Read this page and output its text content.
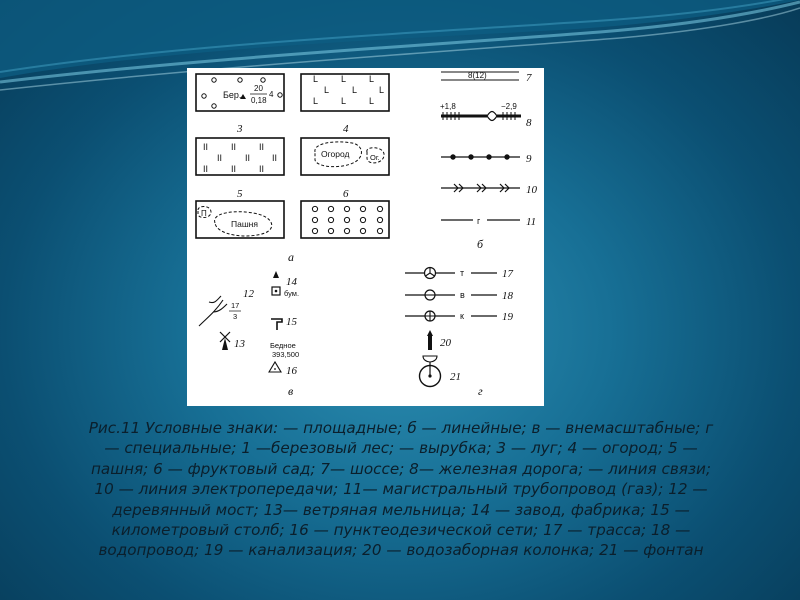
Бер.
20
0,18
4
L	L	L
L	L L
L	L	L
3	4
II	II	II
II	II II
II	II	II
Огород	Ог.
5	6
П
Пашня
а
8(12)	7
+1,8	−2,9
8
9
10
г	11
б
12
17
3
13
14
бум.
15
Бедное
393,500
16
в
т	17
в	18
к	19
20
21
г
Рис.11 Условные знаки: — площадные; б — линейные; в — внемасштабные; г
— специальные; 1 —березовый лес; — вырубка; 3 — луг; 4 — огород; 5 —
пашня; 6 — фруктовый сад; 7— шоссе; 8— железная дорога; — линия связи;
10 — линия электропередачи; 11— магистральный трубопровод (газ); 12 —
деревянный мост; 13— ветряная мельница; 14 — завод, фабрика; 15 —
километровый столб; 16 — пунктеодезической сети; 17 — трасса; 18 —
водопровод; 19 — канализация; 20 — водозаборная колонка; 21 — фонтан
